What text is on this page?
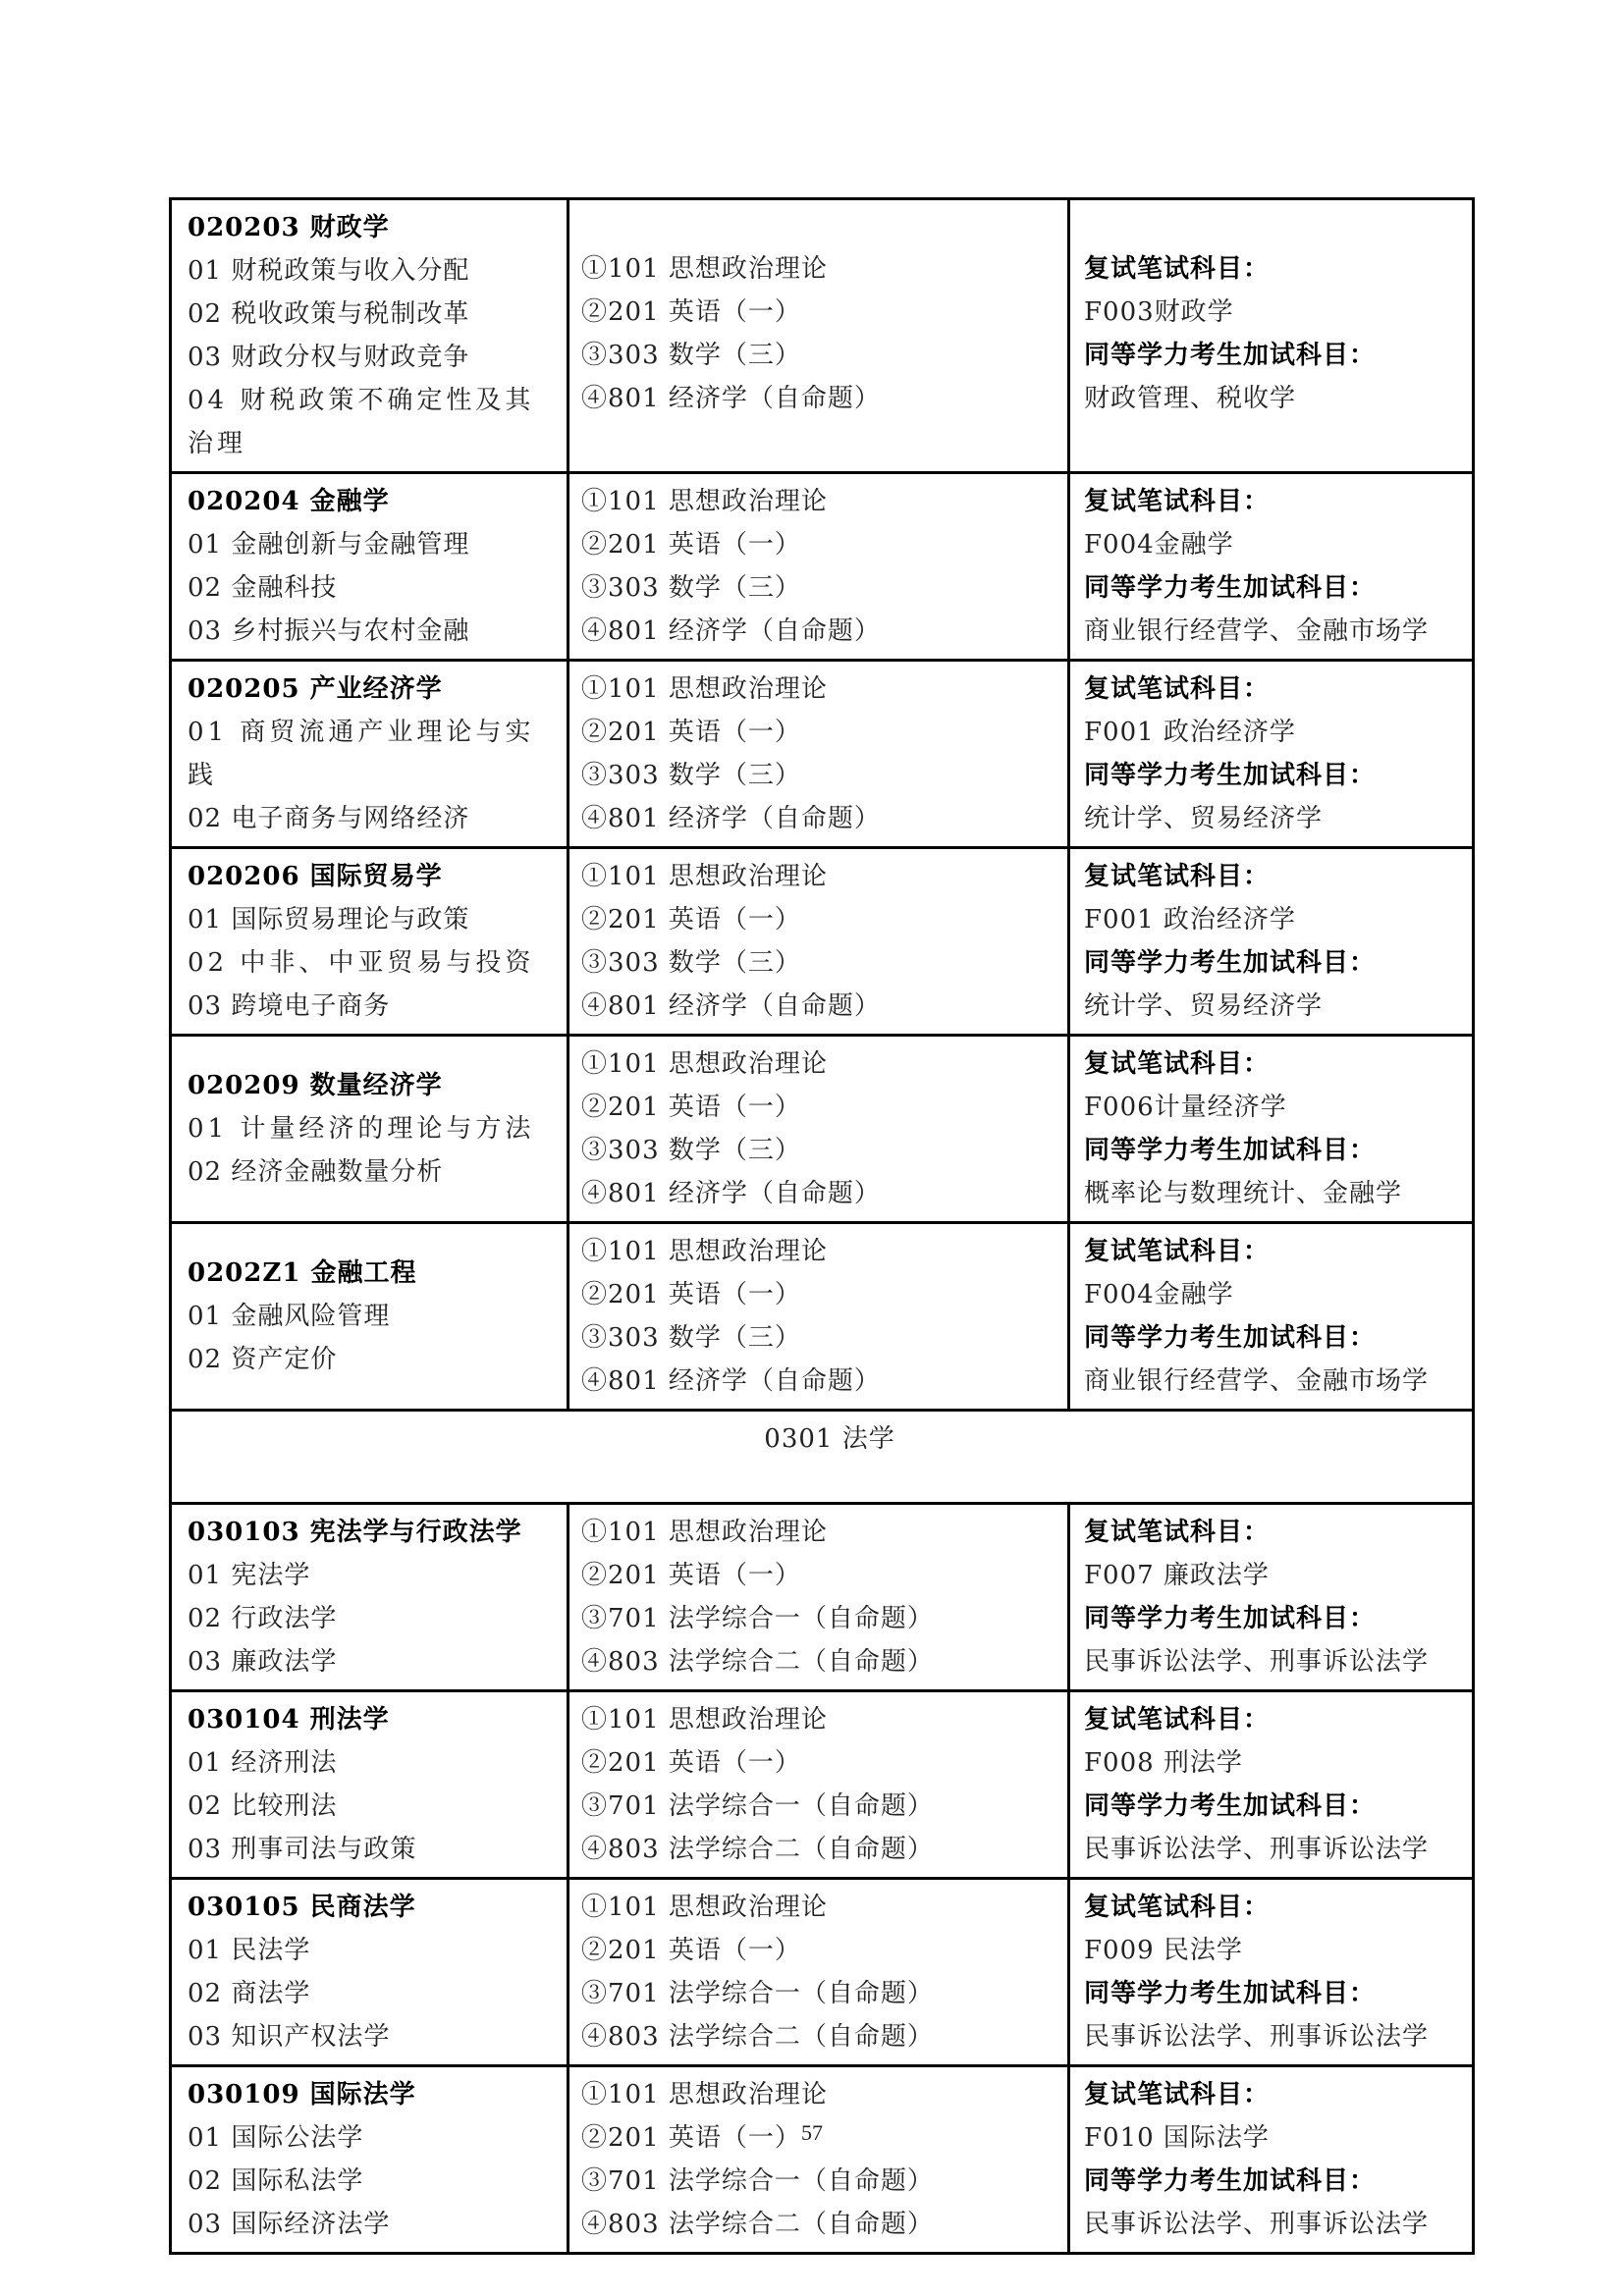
020203 财政学
01 财税政策与收入分配
02 税收政策与税制改革
03 财政分权与财政竞争
04 财税政策不确定性及其治理	①101 思想政治理论
②201 英语（一）
③303 数学（三）
④801 经济学（自命题）	复试笔试科目：
F003财政学
同等学力考生加试科目：
财政管理、税收学

020204 金融学
01 金融创新与金融管理
02 金融科技
03 乡村振兴与农村金融	①101 思想政治理论
②201 英语（一）
③303 数学（三）
④801 经济学（自命题）	复试笔试科目：
F004金融学
同等学力考生加试科目：
商业银行经营学、金融市场学

020205 产业经济学
01 商贸流通产业理论与实践
02 电子商务与网络经济	①101 思想政治理论
②201 英语（一）
③303 数学（三）
④801 经济学（自命题）	复试笔试科目：
F001 政治经济学
同等学力考生加试科目：
统计学、贸易经济学

020206 国际贸易学
01 国际贸易理论与政策
02 中非、中亚贸易与投资
03 跨境电子商务	①101 思想政治理论
②201 英语（一）
③303 数学（三）
④801 经济学（自命题）	复试笔试科目：
F001 政治经济学
同等学力考生加试科目：
统计学、贸易经济学

020209 数量经济学
01 计量经济的理论与方法
02 经济金融数量分析	①101 思想政治理论
②201 英语（一）
③303 数学（三）
④801 经济学（自命题）	复试笔试科目：
F006计量经济学
同等学力考生加试科目：
概率论与数理统计、金融学

0202Z1 金融工程
01 金融风险管理
02 资产定价	①101 思想政治理论
②201 英语（一）
③303 数学（三）
④801 经济学（自命题）	复试笔试科目：
F004金融学
同等学力考生加试科目：
商业银行经营学、金融市场学

0301 法学		

030103 宪法学与行政法学
01 宪法学
02 行政法学
03 廉政法学	①101 思想政治理论
②201 英语（一）
③701 法学综合一（自命题）
④803 法学综合二（自命题）	复试笔试科目：
F007 廉政法学
同等学力考生加试科目：
民事诉讼法学、刑事诉讼法学

030104 刑法学
01 经济刑法
02 比较刑法
03 刑事司法与政策	①101 思想政治理论
②201 英语（一）
③701 法学综合一（自命题）
④803 法学综合二（自命题）	复试笔试科目：
F008 刑法学
同等学力考生加试科目：
民事诉讼法学、刑事诉讼法学

030105 民商法学
01 民法学
02 商法学
03 知识产权法学	①101 思想政治理论
②201 英语（一）
③701 法学综合一（自命题）
④803 法学综合二（自命题）	复试笔试科目：
F009 民法学
同等学力考生加试科目：
民事诉讼法学、刑事诉讼法学

030109 国际法学
01 国际公法学
02 国际私法学
03 国际经济法学	①101 思想政治理论
②201 英语（一）
③701 法学综合一（自命题）
④803 法学综合二（自命题）	复试笔试科目：
F010 国际法学
同等学力考生加试科目：
民事诉讼法学、刑事诉讼法学
57
